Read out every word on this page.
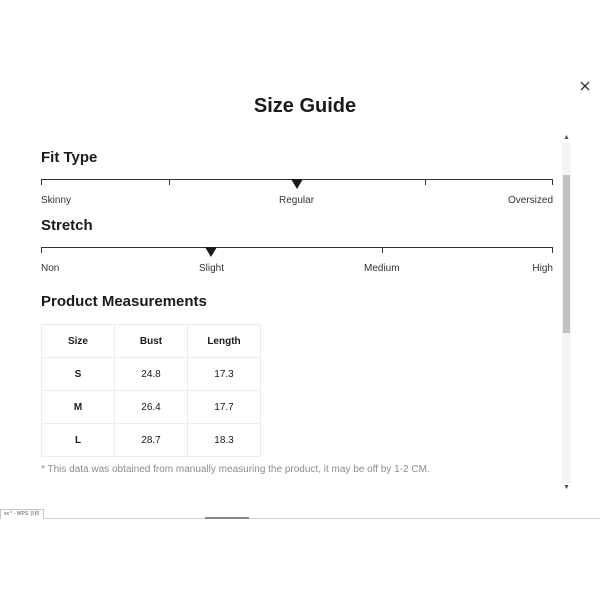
Size Guide
Fit Type
Skinny	Regular	Oversized
Stretch
Non	Slight	Medium	High
Product Measurements
Size	Bust	Length
S	24.8	17.3
M	26.4	17.7
L	28.7	18.3
* This data was obtained from manually measuring the product, it may be off by 1-2 CM.
▲
▼
xx * - WPS 表格
